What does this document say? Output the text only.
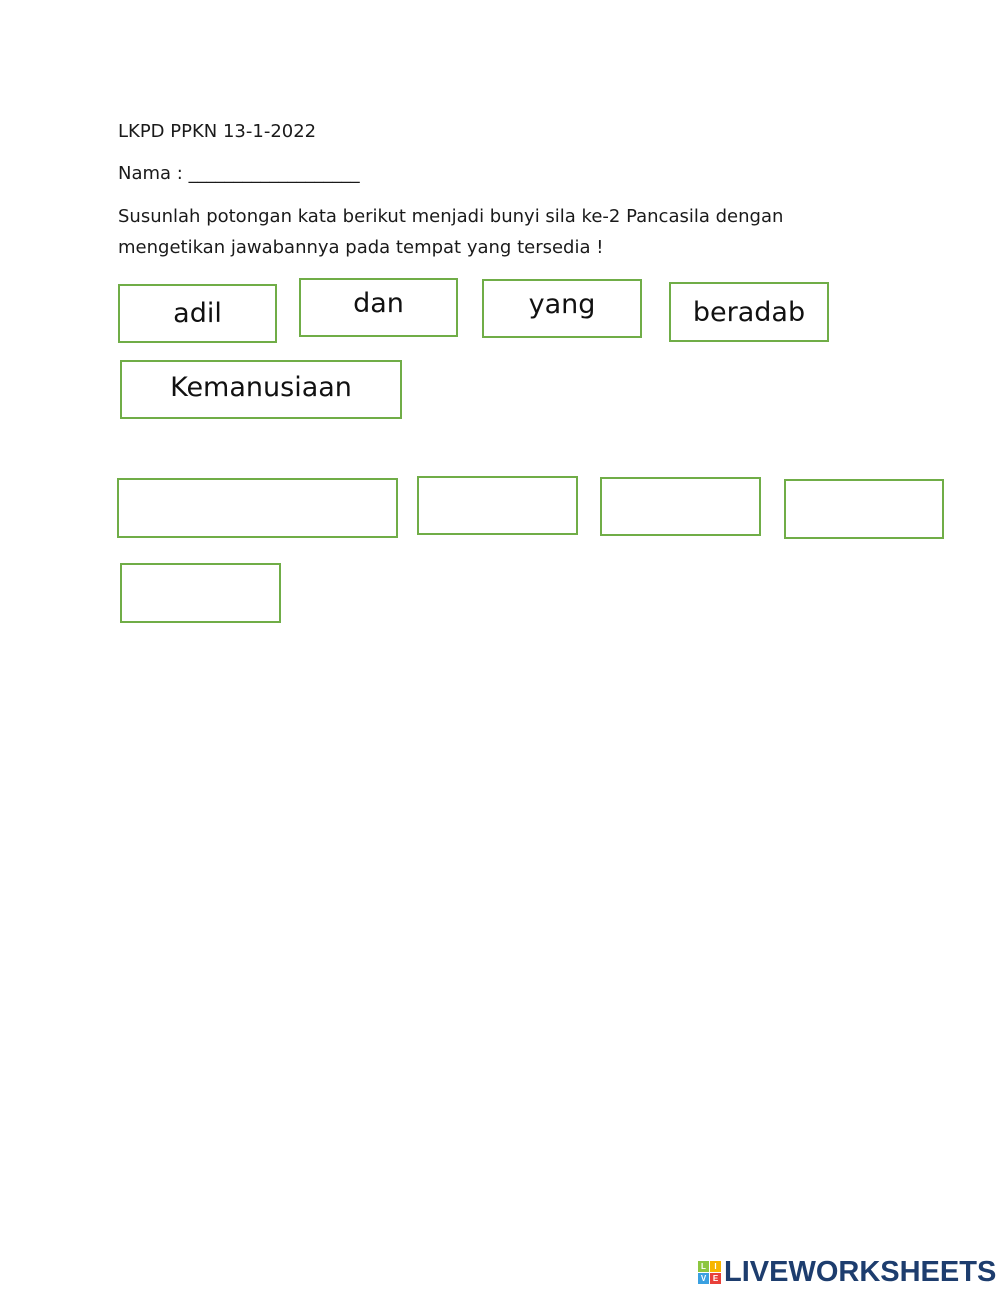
LKPD PPKN 13-1-2022
Nama : ___________________
Susunlah potongan kata berikut menjadi bunyi sila ke-2 Pancasila dengan
mengetikan jawabannya pada tempat yang tersedia !
adil	dan	yang	beradab
Kemanusiaan
L	I
V E LIVEWORKSHEETS
